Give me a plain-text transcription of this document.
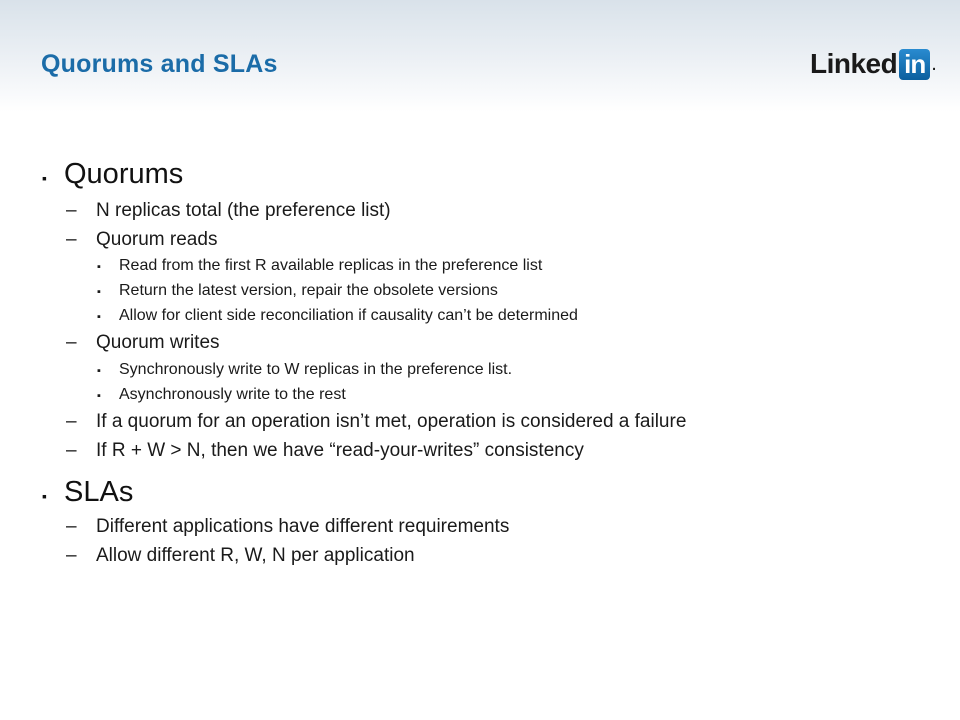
Quorums and SLAs	Linked in .
▪ Quorums
–	N replicas total (the preference list)
–	Quorum reads
▪	Read from the first R available replicas in the preference list
▪	Return the latest version, repair the obsolete versions
▪	Allow for client side reconciliation if causality can’t be determined
–	Quorum writes
▪	Synchronously write to W replicas in the preference list.
▪	Asynchronously write to the rest
–	If a quorum for an operation isn’t met, operation is considered a failure
–	If R + W > N, then we have “read-your-writes” consistency
▪ SLAs
–	Different applications have different requirements
–	Allow different R, W, N per application
